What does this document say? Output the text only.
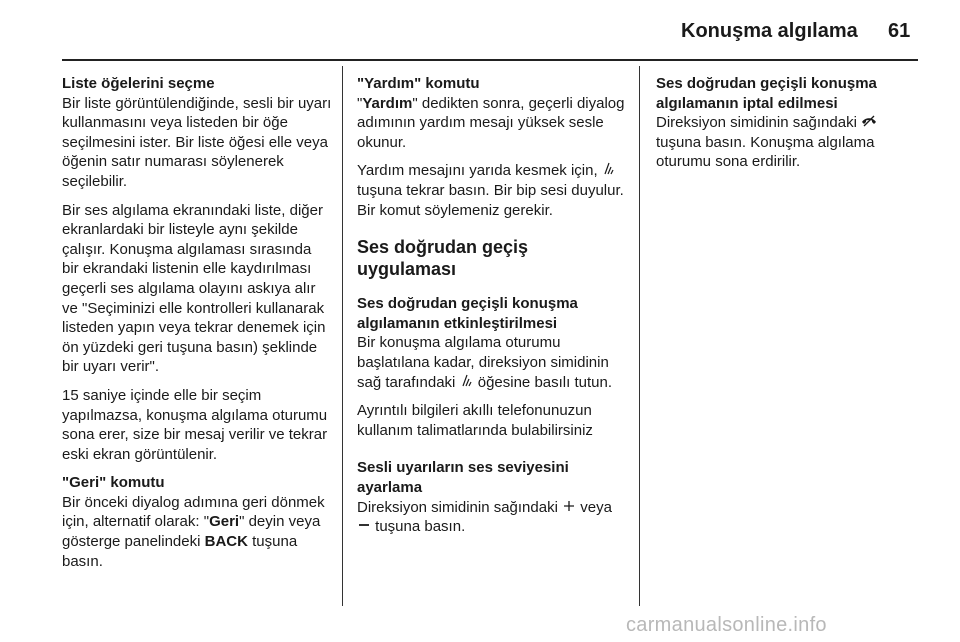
Konuşma algılama 61
Liste öğelerini seçme

Bir liste görüntülendiğinde, sesli bir uyarı kullanmasını veya listeden bir öğe seçilmesini ister. Bir liste öğesi elle veya öğenin satır numarası söylenerek seçilebilir.

Bir ses algılama ekranındaki liste, diğer ekranlardaki bir listeyle aynı şekilde çalışır. Konuşma algılaması sırasında bir ekrandaki listenin elle kaydırılması geçerli ses algılama olayını askıya alır ve "Seçiminizi elle kontrolleri kullanarak listeden yapın veya tekrar denemek için ön yüzdeki geri tuşuna basın) şeklinde bir uyarı verir".

15 saniye içinde elle bir seçim yapılmazsa, konuşma algılama oturumu sona erer, size bir mesaj verilir ve tekrar eski ekran görüntülenir.

"Geri" komutu

Bir önceki diyalog adımına geri dönmek için, alternatif olarak: "Geri" deyin veya gösterge panelindeki BACK tuşuna basın.

"Yardım" komutu

"Yardım" dedikten sonra, geçerli diyalog adımının yardım mesajı yüksek sesle okunur.

Yardım mesajını yarıda kesmek için,  tuşuna tekrar basın. Bir bip sesi duyulur. Bir komut söylemeniz gerekir.

Ses doğrudan geçiş uygulaması
Ses doğrudan geçişli konuşma algılamanın etkinleştirilmesi

Bir konuşma algılama oturumu başlatılana kadar, direksiyon simidinin sağ tarafındaki  öğesine basılı tutun.

Ayrıntılı bilgileri akıllı telefonunuzun kullanım talimatlarında bulabilirsiniz

Sesli uyarıların ses seviyesini ayarlama

Direksiyon simidinin sağındaki  veya  tuşuna basın.

Ses doğrudan geçişli konuşma algılamanın iptal edilmesi

Direksiyon simidinin sağındaki  tuşuna basın. Konuşma algılama oturumu sona erdirilir.

carmanualsonline.info
